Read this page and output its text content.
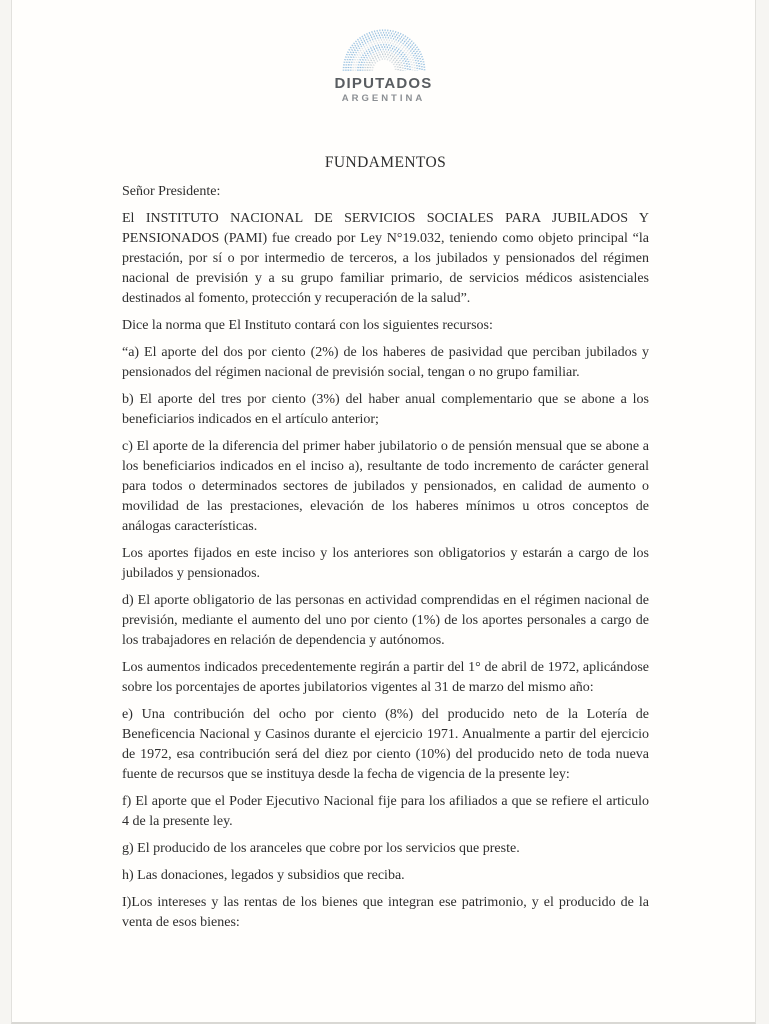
DIPUTADOS
ARGENTINA
FUNDAMENTOS

Señor Presidente:

El INSTITUTO NACIONAL DE SERVICIOS SOCIALES PARA JUBILADOS Y PENSIONADOS (PAMI) fue creado por Ley N°19.032, teniendo como objeto principal “la prestación, por sí o por intermedio de terceros, a los jubilados y pensionados del régimen nacional de previsión y a su grupo familiar primario, de servicios médicos asistenciales destinados al fomento, protección y recuperación de la salud”.

Dice la norma que El Instituto contará con los siguientes recursos:

“a) El aporte del dos por ciento (2%) de los haberes de pasividad que perciban jubilados y pensionados del régimen nacional de previsión social, tengan o no grupo familiar.

b) El aporte del tres por ciento (3%) del haber anual complementario que se abone a los beneficiarios indicados en el artículo anterior;

c) El aporte de la diferencia del primer haber jubilatorio o de pensión mensual que se abone a los beneficiarios indicados en el inciso a), resultante de todo incremento de carácter general para todos o determinados sectores de jubilados y pensionados, en calidad de aumento o movilidad de las prestaciones, elevación de los haberes mínimos u otros conceptos de análogas características.

Los aportes fijados en este inciso y los anteriores son obligatorios y estarán a cargo de los jubilados y pensionados.

d) El aporte obligatorio de las personas en actividad comprendidas en el régimen nacional de previsión, mediante el aumento del uno por ciento (1%) de los aportes personales a cargo de los trabajadores en relación de dependencia y autónomos.

Los aumentos indicados precedentemente regirán a partir del 1° de abril de 1972, aplicándose sobre los porcentajes de aportes jubilatorios vigentes al 31 de marzo del mismo año:

e) Una contribución del ocho por ciento (8%) del producido neto de la Lotería de Beneficencia Nacional y Casinos durante el ejercicio 1971. Anualmente a partir del ejercicio de 1972, esa contribución será del diez por ciento (10%) del producido neto de toda nueva fuente de recursos que se instituya desde la fecha de vigencia de la presente ley:

f) El aporte que el Poder Ejecutivo Nacional fije para los afiliados a que se refiere el articulo 4 de la presente ley.

g) El producido de los aranceles que cobre por los servicios que preste.

h) Las donaciones, legados y subsidios que reciba.

I)Los intereses y las rentas de los bienes que integran ese patrimonio, y el producido de la venta de esos bienes:
